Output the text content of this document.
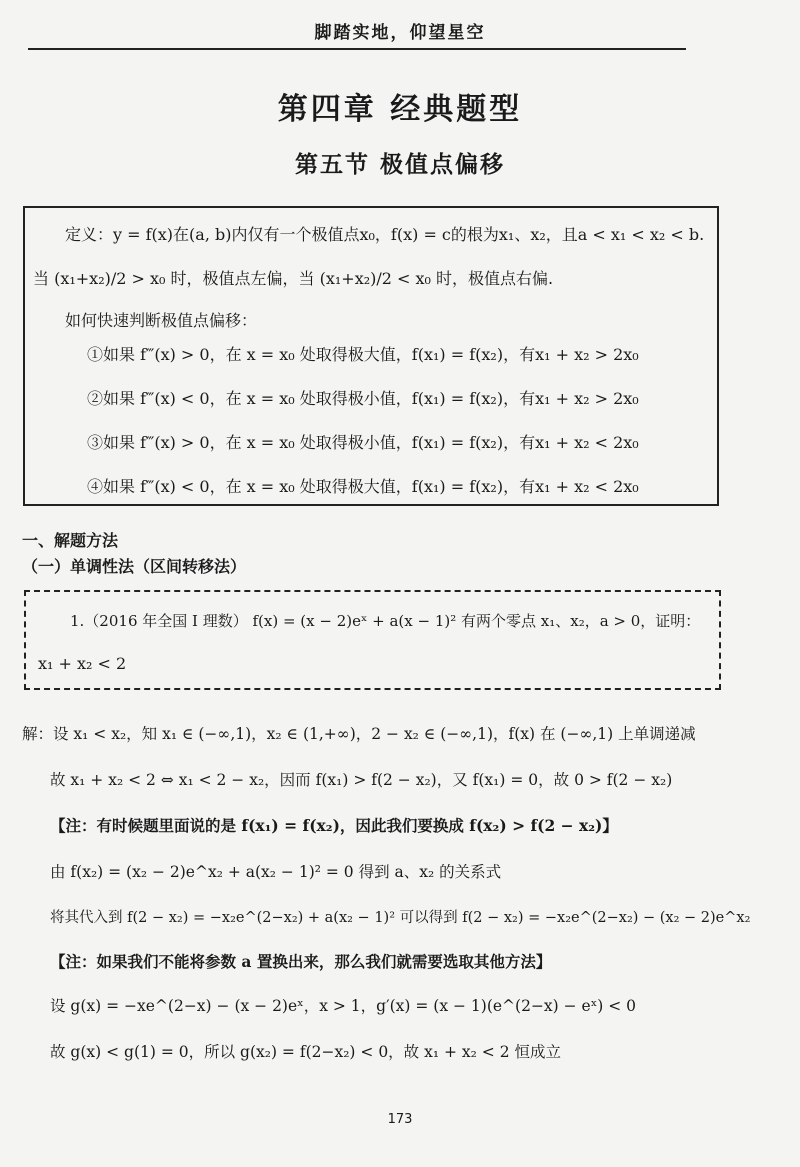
脚踏实地，仰望星空
第四章 经典题型
第五节 极值点偏移
定义：y = f(x)在(a, b)内仅有一个极值点x₀，f(x) = c的根为x₁、x₂，且a < x₁ < x₂ < b.
当 (x₁+x₂)/2 > x₀ 时，极值点左偏，当 (x₁+x₂)/2 < x₀ 时，极值点右偏.
如何快速判断极值点偏移：
①如果 f‴(x) > 0，在 x = x₀ 处取得极大值，f(x₁) = f(x₂)，有x₁ + x₂ > 2x₀
②如果 f‴(x) < 0，在 x = x₀ 处取得极小值，f(x₁) = f(x₂)，有x₁ + x₂ > 2x₀
③如果 f‴(x) > 0，在 x = x₀ 处取得极小值，f(x₁) = f(x₂)，有x₁ + x₂ < 2x₀
④如果 f‴(x) < 0，在 x = x₀ 处取得极大值，f(x₁) = f(x₂)，有x₁ + x₂ < 2x₀
一、解题方法
（一）单调性法（区间转移法）
1.（2016 年全国 I 理数） f(x) = (x − 2)eˣ + a(x − 1)² 有两个零点 x₁、x₂，a > 0，证明：
x₁ + x₂ < 2
解：设 x₁ < x₂，知 x₁ ∈ (−∞,1)，x₂ ∈ (1,+∞)，2 − x₂ ∈ (−∞,1)，f(x) 在 (−∞,1) 上单调递减
故 x₁ + x₂ < 2 ⇔ x₁ < 2 − x₂，因而 f(x₁) > f(2 − x₂)，又 f(x₁) = 0，故 0 > f(2 − x₂)
【注：有时候题里面说的是 f(x₁) = f(x₂)，因此我们要换成 f(x₂) > f(2 − x₂)】
由 f(x₂) = (x₂ − 2)e^x₂ + a(x₂ − 1)² = 0 得到 a、x₂ 的关系式
将其代入到 f(2 − x₂) = −x₂e^(2−x₂) + a(x₂ − 1)² 可以得到 f(2 − x₂) = −x₂e^(2−x₂) − (x₂ − 2)e^x₂
【注：如果我们不能将参数 a 置换出来，那么我们就需要选取其他方法】
设 g(x) = −xe^(2−x) − (x − 2)eˣ，x > 1，g′(x) = (x − 1)(e^(2−x) − eˣ) < 0
故 g(x) < g(1) = 0，所以 g(x₂) = f(2−x₂) < 0，故 x₁ + x₂ < 2 恒成立
173
